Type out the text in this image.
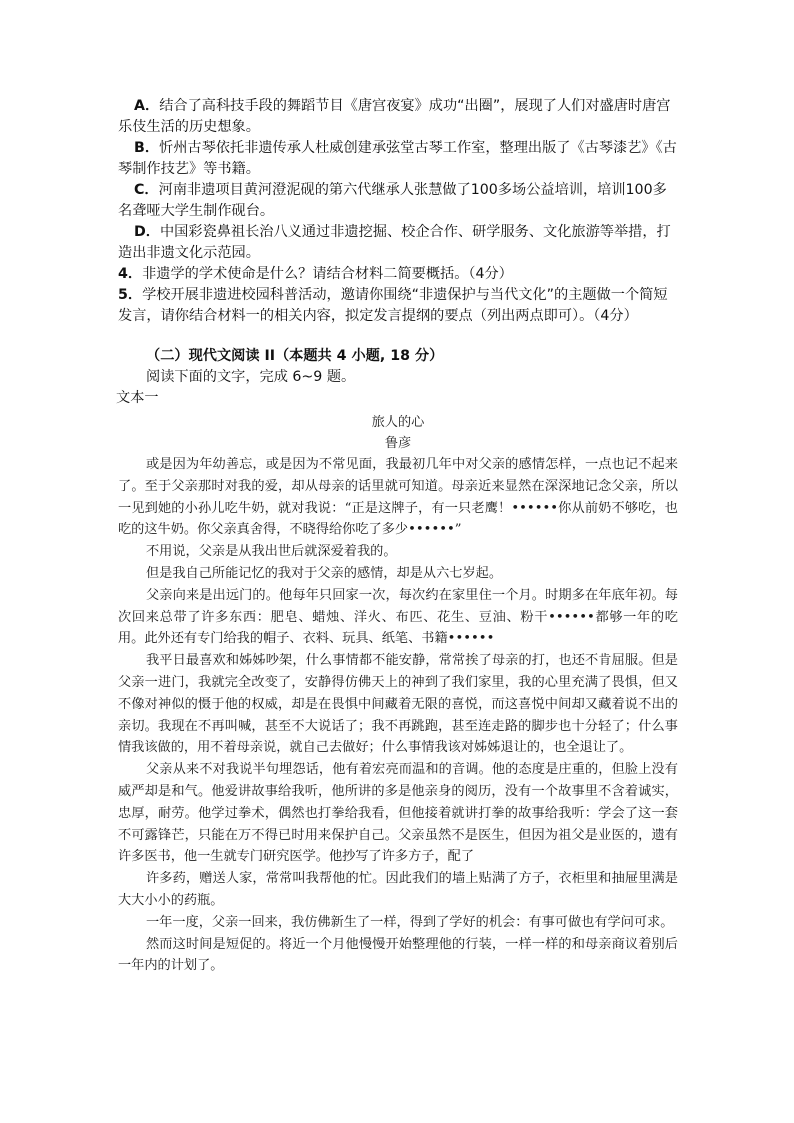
A．结合了高科技手段的舞蹈节目《唐宫夜宴》成功“出圈”，展现了人们对盛唐时唐宫乐伎生活的历史想象。
B．忻州古琴依托非遗传承人杜威创建承弦堂古琴工作室，整理出版了《古琴漆艺》《古琴制作技艺》等书籍。
C．河南非遗项目黄河澄泥砚的第六代继承人张慧做了100多场公益培训，培训100多名聋哑大学生制作砚台。
D．中国彩瓷鼻祖长治八义通过非遗挖掘、校企合作、研学服务、文化旅游等举措，打造出非遗文化示范园。
4．非遗学的学术使命是什么？请结合材料二简要概括。（4分）
5．学校开展非遗进校园科普活动，邀请你围绕“非遗保护与当代文化”的主题做一个简短发言，请你结合材料一的相关内容，拟定发言提纲的要点（列出两点即可）。（4分）
（二）现代文阅读 II（本题共 4 小题, 18 分）
阅读下面的文字，完成 6~9 题。
文本一
旅人的心
鲁彦

或是因为年幼善忘，或是因为不常见面，我最初几年中对父亲的感情怎样，一点也记不起来了。至于父亲那时对我的爱，却从母亲的话里就可知道。母亲近来显然在深深地记念父亲，所以一见到她的小孙儿吃牛奶，就对我说：“正是这牌子，有一只老鹰！••••••你从前奶不够吃，也吃的这牛奶。你父亲真舍得，不晓得给你吃了多少••••••”

不用说，父亲是从我出世后就深爱着我的。

但是我自己所能记忆的我对于父亲的感情，却是从六七岁起。

父亲向来是出远门的。他每年只回家一次，每次约在家里住一个月。时期多在年底年初。每次回来总带了许多东西：肥皂、蜡烛、洋火、布匹、花生、豆油、粉干••••••都够一年的吃用。此外还有专门给我的帽子、衣料、玩具、纸笔、书籍••••••

我平日最喜欢和姊姊吵架，什么事情都不能安静，常常挨了母亲的打，也还不肯屈服。但是父亲一进门，我就完全改变了，安静得仿佛天上的神到了我们家里，我的心里充满了畏惧，但又不像对神似的慑于他的权威，却是在畏惧中间藏着无限的喜悦，而这喜悦中间却又藏着说不出的亲切。我现在不再叫喊，甚至不大说话了；我不再跳跑，甚至连走路的脚步也十分轻了；什么事情我该做的，用不着母亲说，就自己去做好；什么事情我该对姊姊退让的，也全退让了。

父亲从来不对我说半句埋怨话，他有着宏亮而温和的音调。他的态度是庄重的，但脸上没有威严却是和气。他爱讲故事给我听，他所讲的多是他亲身的阅历，没有一个故事里不含着诚实，忠厚，耐劳。他学过拳术，偶然也打拳给我看，但他接着就讲打拳的故事给我听：学会了这一套不可露锋芒，只能在万不得已时用来保护自己。父亲虽然不是医生，但因为祖父是业医的，遗有许多医书，他一生就专门研究医学。他抄写了许多方子，配了

许多药，赠送人家，常常叫我帮他的忙。因此我们的墙上贴满了方子，衣柜里和抽屉里满是大大小小的药瓶。

一年一度，父亲一回来，我仿佛新生了一样，得到了学好的机会：有事可做也有学问可求。

然而这时间是短促的。将近一个月他慢慢开始整理他的行装，一样一样的和母亲商议着别后一年内的计划了。
